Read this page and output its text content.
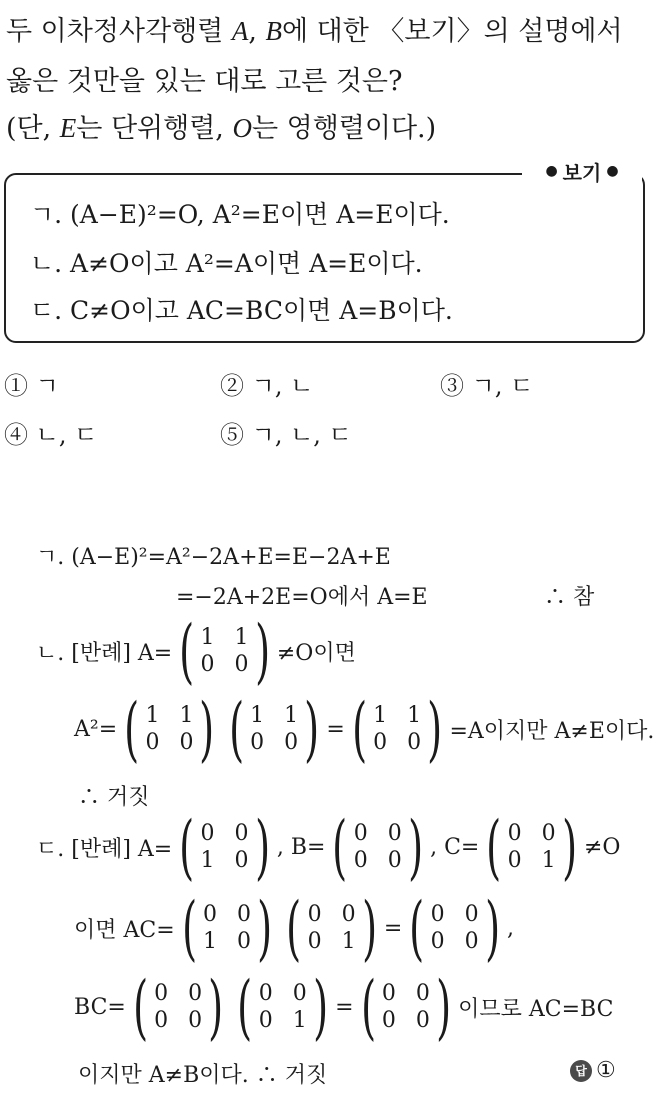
두 이차정사각행렬 A, B에 대한 〈보기〉의 설명에서
옳은 것만을 있는 대로 고른 것은?
(단, E는 단위행렬, O는 영행렬이다.)
● 보기 ●
ㄱ. (A−E)²=O, A²=E이면 A=E이다.
ㄴ. A≠O이고 A²=A이면 A=E이다.
ㄷ. C≠O이고 AC=BC이면 A=B이다.
① ㄱ	② ㄱ, ㄴ	③ ㄱ, ㄷ
④ ㄴ, ㄷ	⑤ ㄱ, ㄴ, ㄷ
ㄱ. (A−E)²=A²−2A+E=E−2A+E
=−2A+2E=O에서 A=E	∴ 참
ㄴ. [반례] A= ( 1 1
0 0 ) ≠O이면
A²= ( 1 1
0 0 ) ( 1 1
0 0 ) = ( 1 1
0 0 ) =A이지만 A≠E이다.
∴ 거짓
ㄷ. [반례] A= ( 0 0
1 0 ) , B= ( 0 0
0 0 ) , C= ( 0 0
0 1 ) ≠O
이면 AC= ( 0 0
1 0 ) ( 0 0
0 1 ) = ( 0 0
0 0 ) ,
BC= ( 0 0
0 0 ) ( 0 0
0 1 ) = ( 0 0
0 0 ) 이므로 AC=BC
이지만 A≠B이다. ∴ 거짓	답 ①
